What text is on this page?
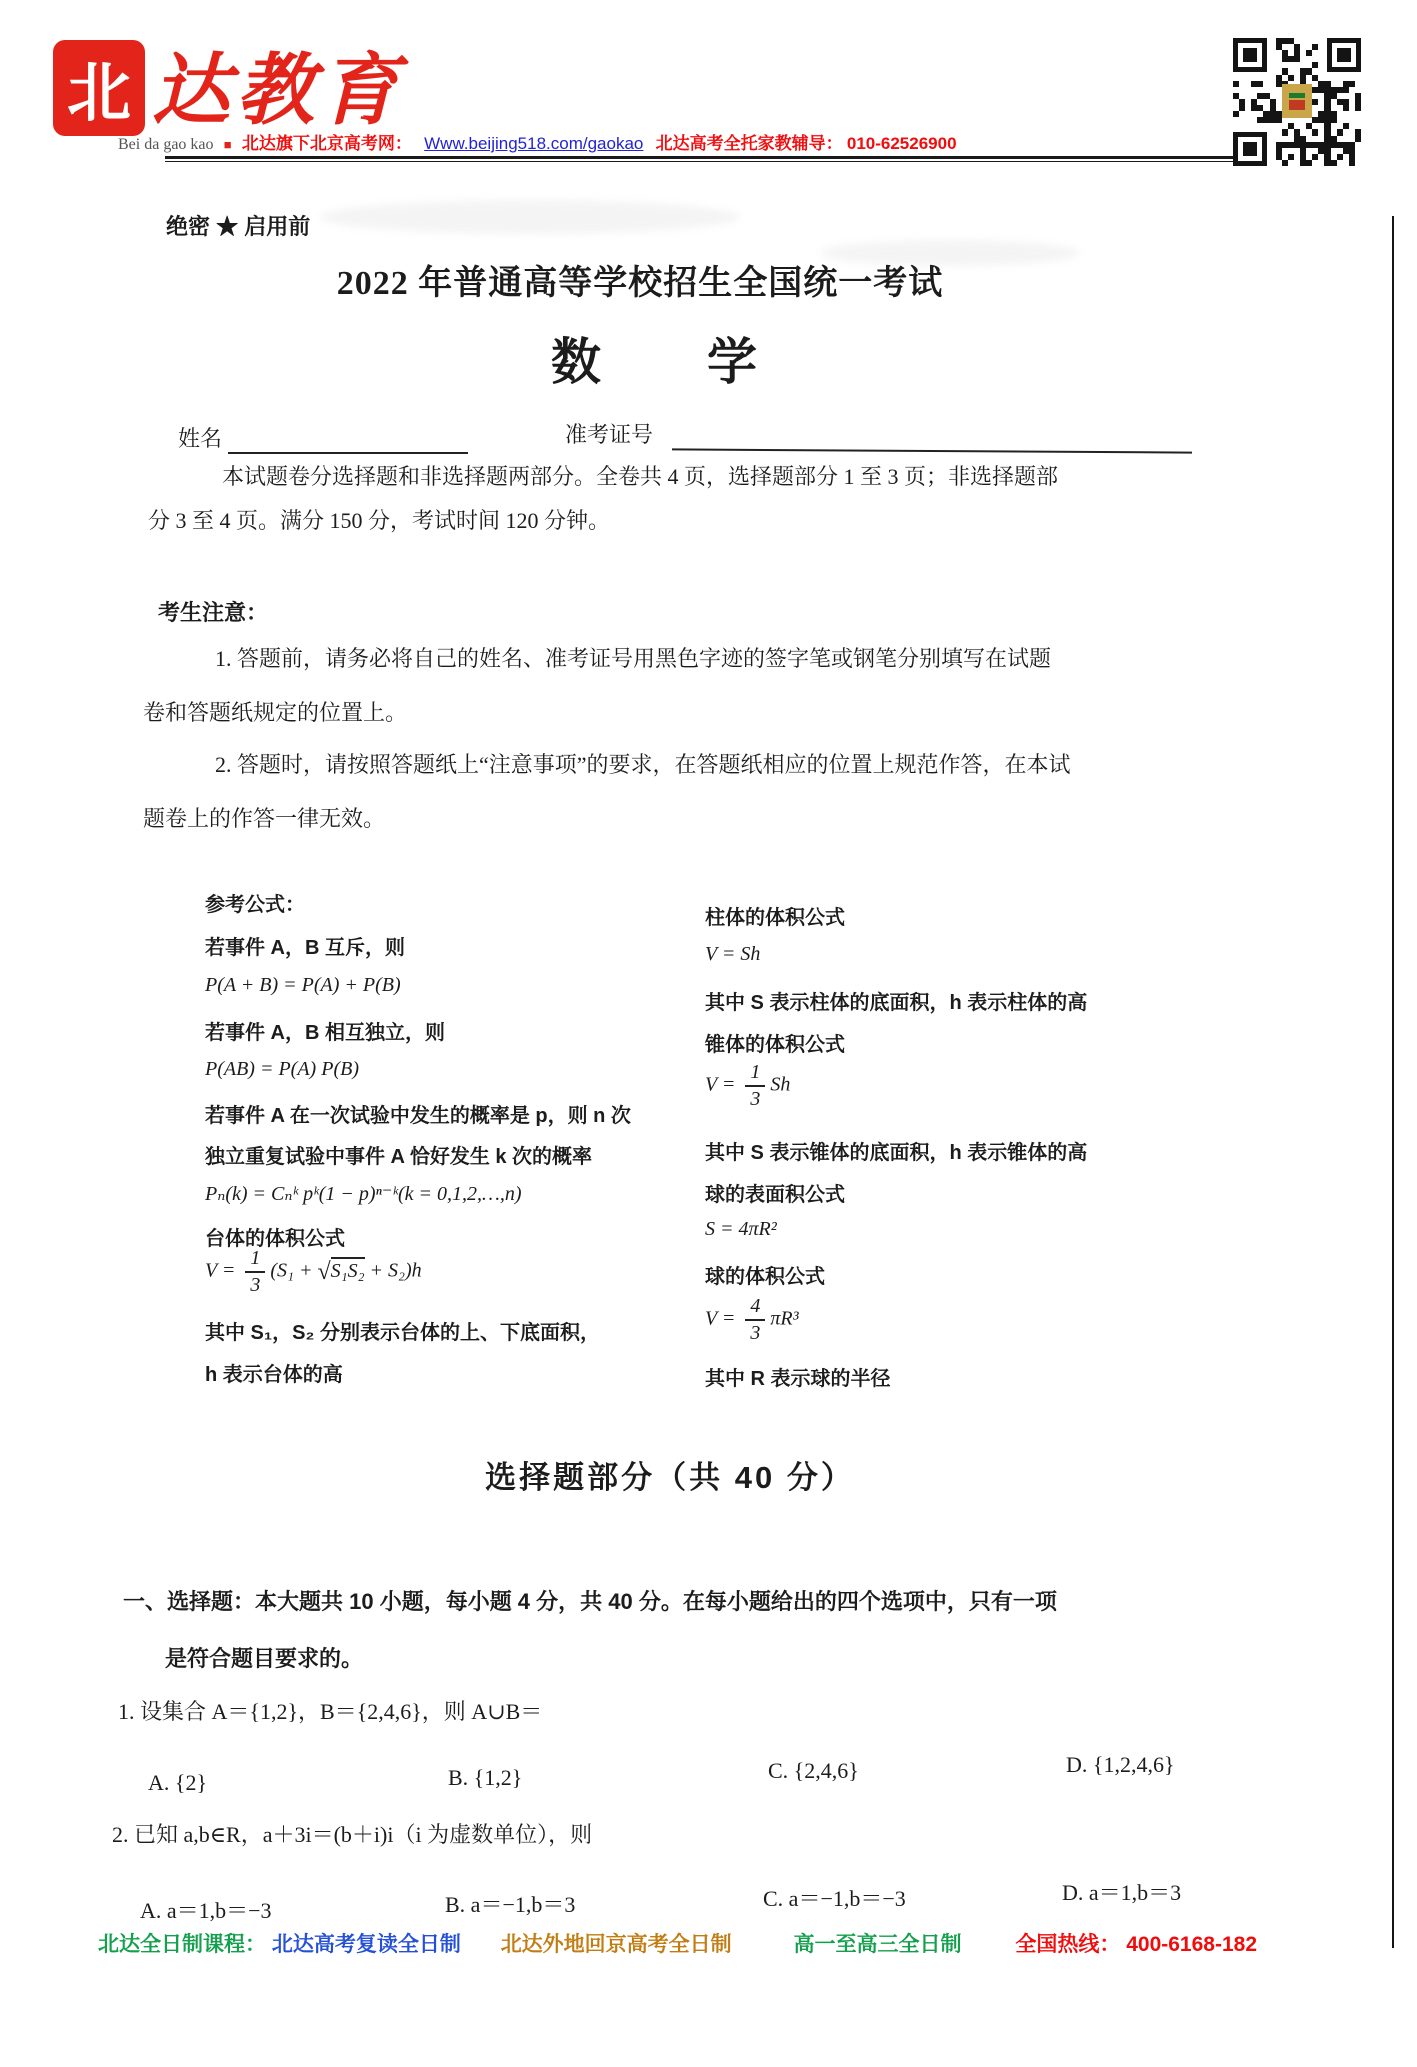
北 达教育
Bei da gao kao ■ 北达旗下北京高考网： Www.beijing518.com/gaokao 北达高考全托家教辅导： 010-62526900
绝密 ★ 启用前
2022 年普通高等学校招生全国统一考试
数　　学
姓名	准考证号
本试题卷分选择题和非选择题两部分。全卷共 4 页，选择题部分 1 至 3 页；非选择题部
分 3 至 4 页。满分 150 分，考试时间 120 分钟。
考生注意：
1. 答题前，请务必将自己的姓名、准考证号用黑色字迹的签字笔或钢笔分别填写在试题
卷和答题纸规定的位置上。
2. 答题时，请按照答题纸上“注意事项”的要求，在答题纸相应的位置上规范作答，在本试
题卷上的作答一律无效。
参考公式：
若事件 A，B 互斥，则
P(A + B) = P(A) + P(B)
若事件 A，B 相互独立，则
P(AB) = P(A) P(B)
若事件 A 在一次试验中发生的概率是 p，则 n 次
独立重复试验中事件 A 恰好发生 k 次的概率
Pₙ(k) = Cₙᵏ pᵏ(1 − p)ⁿ⁻ᵏ(k = 0,1,2,…,n)
台体的体积公式
$V = \frac{1}{3} (S_1 + √S_1S_2 + S_2)h$
其中 S₁，S₂ 分别表示台体的上、下底面积，
h 表示台体的高
柱体的体积公式
V = Sh
其中 S 表示柱体的底面积，h 表示柱体的高
锥体的体积公式
$V = \frac{1}{3}$ Sh
其中 S 表示锥体的底面积，h 表示锥体的高
球的表面积公式
S = 4πR²
球的体积公式
$V = \frac{4}{3} \pi R^3$
其中 R 表示球的半径
选择题部分（共 40 分）
一、选择题：本大题共 10 小题，每小题 4 分，共 40 分。在每小题给出的四个选项中，只有一项
是符合题目要求的。
1. 设集合 A＝{1,2}，B＝{2,4,6}，则 A∪B＝
A. {2}	B. {1,2}	C. {2,4,6}	D. {1,2,4,6}
2. 已知 a,b∈R，a＋3i＝(b＋i)i（i 为虚数单位），则
A. a＝1,b＝−3	B. a＝−1,b＝3	C. a＝−1,b＝−3	D. a＝1,b＝3
北达全日制课程： 北达高考复读全日制 北达外地回京高考全日制	高一至高三全日制	全国热线： 400-6168-182
